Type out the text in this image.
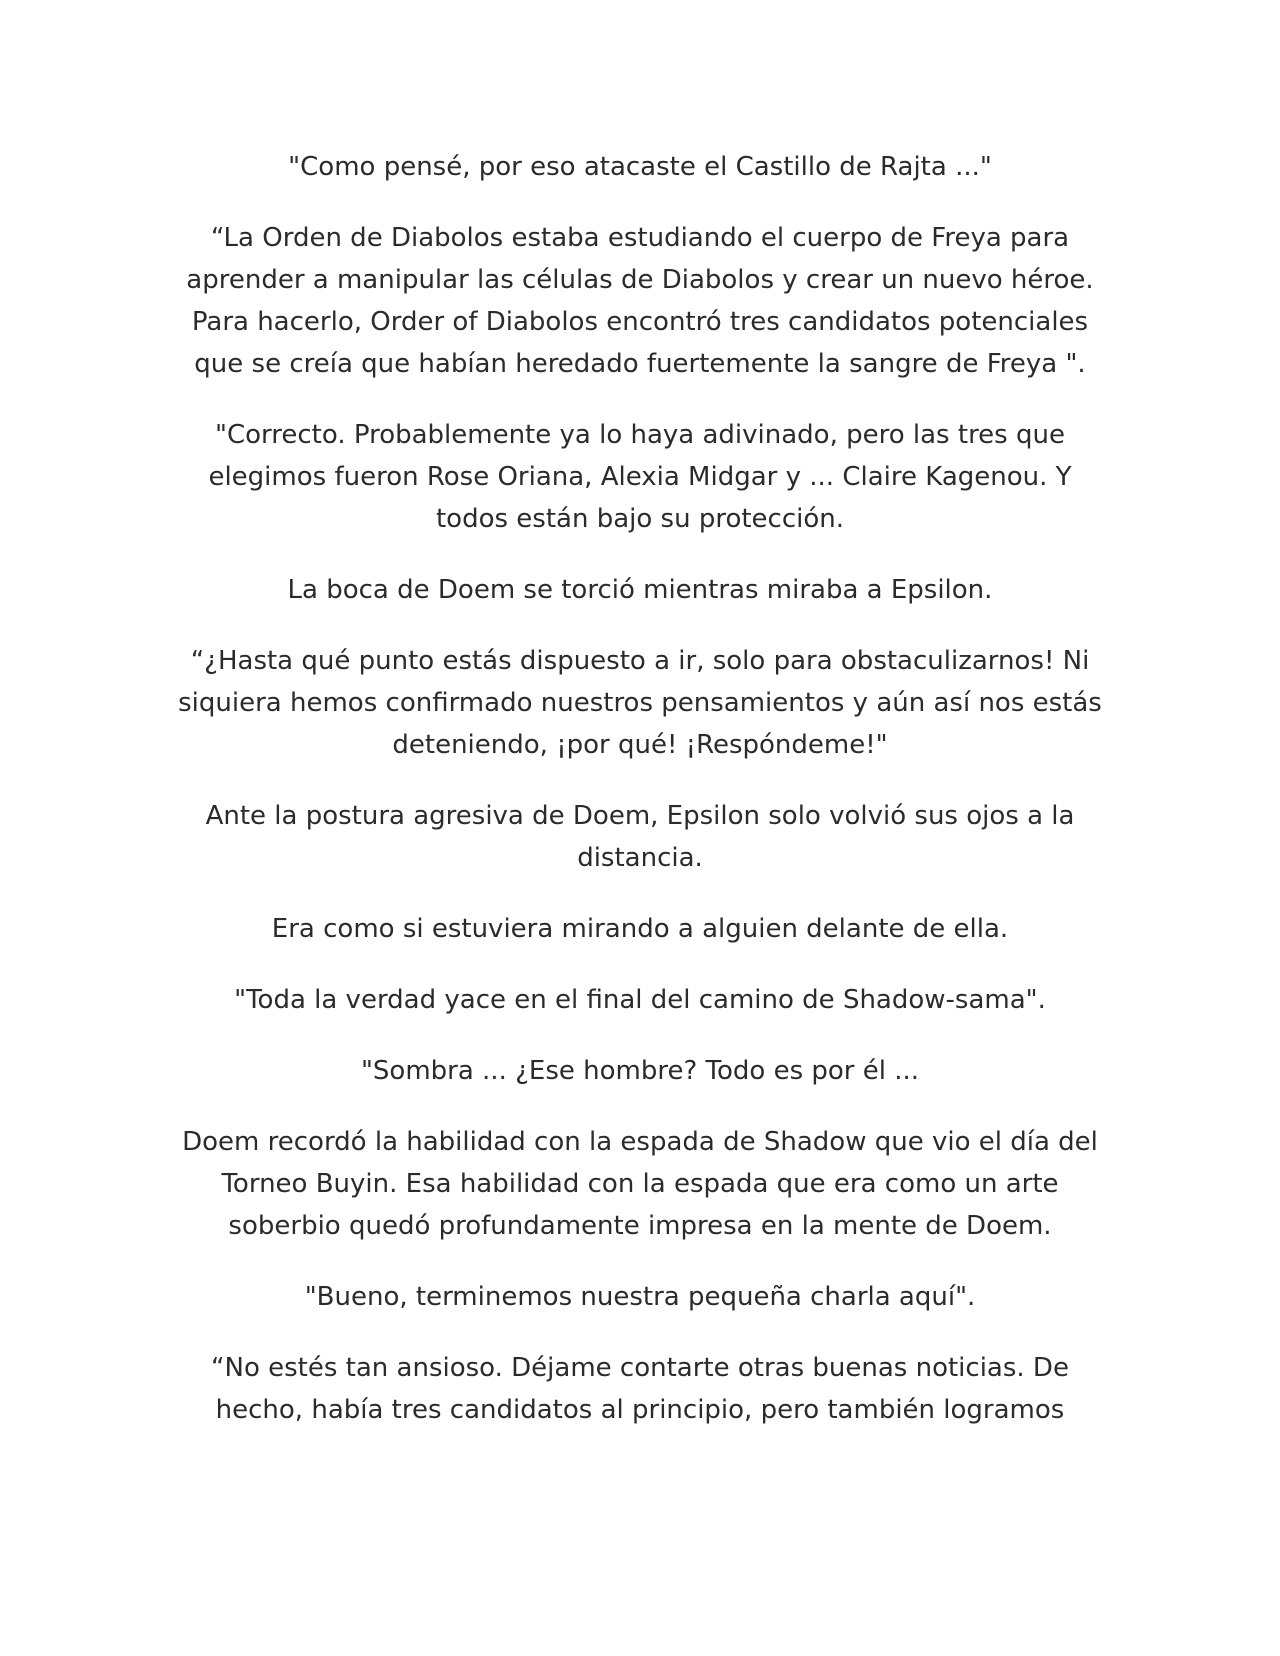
"Como pensé, por eso atacaste el Castillo de Rajta ..."

“La Orden de Diabolos estaba estudiando el cuerpo de Freya para aprender a manipular las células de Diabolos y crear un nuevo héroe. Para hacerlo, Order of Diabolos encontró tres candidatos potenciales que se creía que habían heredado fuertemente la sangre de Freya ".

"Correcto. Probablemente ya lo haya adivinado, pero las tres que elegimos fueron Rose Oriana, Alexia Midgar y ... Claire Kagenou. Y todos están bajo su protección.

La boca de Doem se torció mientras miraba a Epsilon.

“¿Hasta qué punto estás dispuesto a ir, solo para obstaculizarnos! Ni siquiera hemos confirmado nuestros pensamientos y aún así nos estás deteniendo, ¡por qué! ¡Respóndeme!"

Ante la postura agresiva de Doem, Epsilon solo volvió sus ojos a la distancia.

Era como si estuviera mirando a alguien delante de ella.

"Toda la verdad yace en el final del camino de Shadow-sama".

"Sombra ... ¿Ese hombre? Todo es por él ...

Doem recordó la habilidad con la espada de Shadow que vio el día del Torneo Buyin. Esa habilidad con la espada que era como un arte soberbio quedó profundamente impresa en la mente de Doem.

"Bueno, terminemos nuestra pequeña charla aquí".

“No estés tan ansioso. Déjame contarte otras buenas noticias. De hecho, había tres candidatos al principio, pero también logramos
